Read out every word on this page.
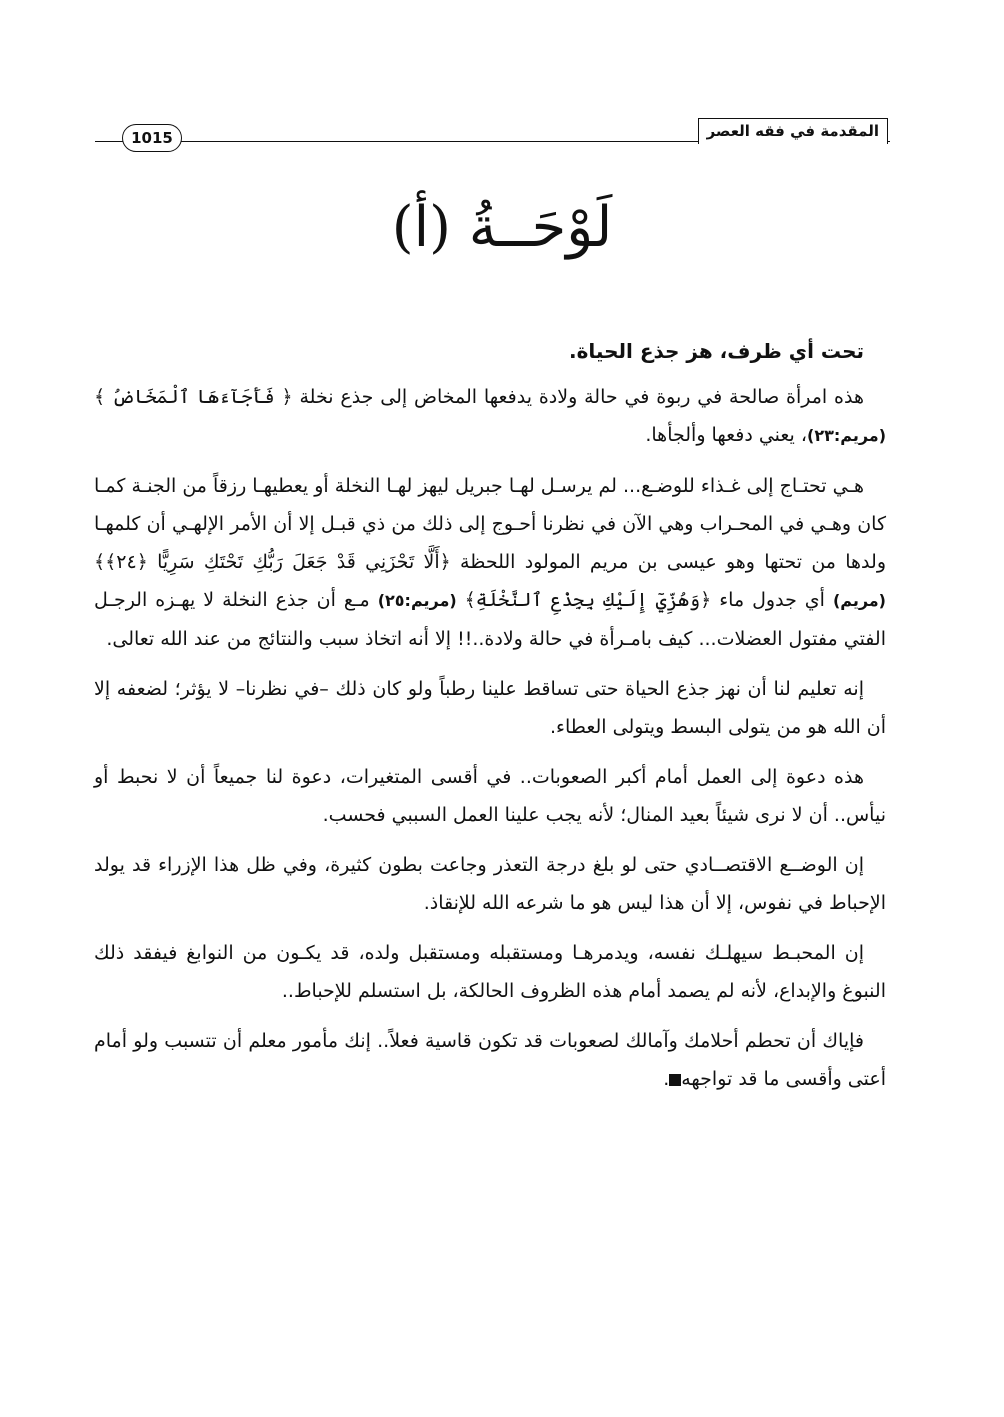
المقدمة في فقه العصر
1015
لَوْحَــةُ (أ)

تحت أي ظرف، هز جذع الحياة.

هذه امرأة صالحة في ربوة في حالة ولادة يدفعها المخاض إلى جذع نخلة ﴿ فَأَجَآءَهَا ٱلْمَخَاضُ ﴾ (مريم:٢٣)، يعني دفعها وألجأها.

هـي تحتـاج إلى غـذاء للوضـع... لم يرسـل لهـا جبريل ليهز لهـا النخلة أو يعطيهـا رزقاً من الجنـة كمـا كان وهـي في المحـراب وهي الآن في نظرنا أحـوج إلى ذلك من ذي قبـل إلا أن الأمر الإلهـي أن كلمهـا ولدها من تحتها وهو عيسى بن مريم المولود اللحظة ﴿أَلَّا تَحْزَنِي قَدْ جَعَلَ رَبُّكِ تَحْتَكِ سَرِيًّا ﴿٢٤﴾﴾ (مريم) أي جدول ماء ﴿وَهُزِّيٓ إِلَيْكِ بِجِذْعِ ٱلنَّخْلَةِ﴾ (مريم:٢٥) مـع أن جذع النخلة لا يهـزه الرجـل الفتي مفتول العضلات... كيف بامـرأة في حالة ولادة..!! إلا أنه اتخاذ سبب والنتائج من عند الله تعالى.

إنه تعليم لنا أن نهز جذع الحياة حتى تساقط علينا رطباً ولو كان ذلك –في نظرنا– لا يؤثر؛ لضعفه إلا أن الله هو من يتولى البسط ويتولى العطاء.

هذه دعوة إلى العمل أمام أكبر الصعوبات.. في أقسى المتغيرات، دعوة لنا جميعاً أن لا نحبط أو نيأس.. أن لا نرى شيئاً بعيد المنال؛ لأنه يجب علينا العمل السببي فحسب.

إن الوضــع الاقتصــادي حتى لو بلغ درجة التعذر وجاعت بطون كثيرة، وفي ظل هذا الإزراء قد يولد الإحباط في نفوس، إلا أن هذا ليس هو ما شرعه الله للإنقاذ.

إن المحبـط سيهلـك نفسه، ويدمرهـا ومستقبله ومستقبل ولده، قد يكـون من النوابغ فيفقد ذلك النبوغ والإبداع، لأنه لم يصمد أمام هذه الظروف الحالكة، بل استسلم للإحباط..

فإياك أن تحطم أحلامك وآمالك لصعوبات قد تكون قاسية فعلاً.. إنك مأمور معلم أن تتسبب ولو أمام أعتى وأقسى ما قد تواجهه.
